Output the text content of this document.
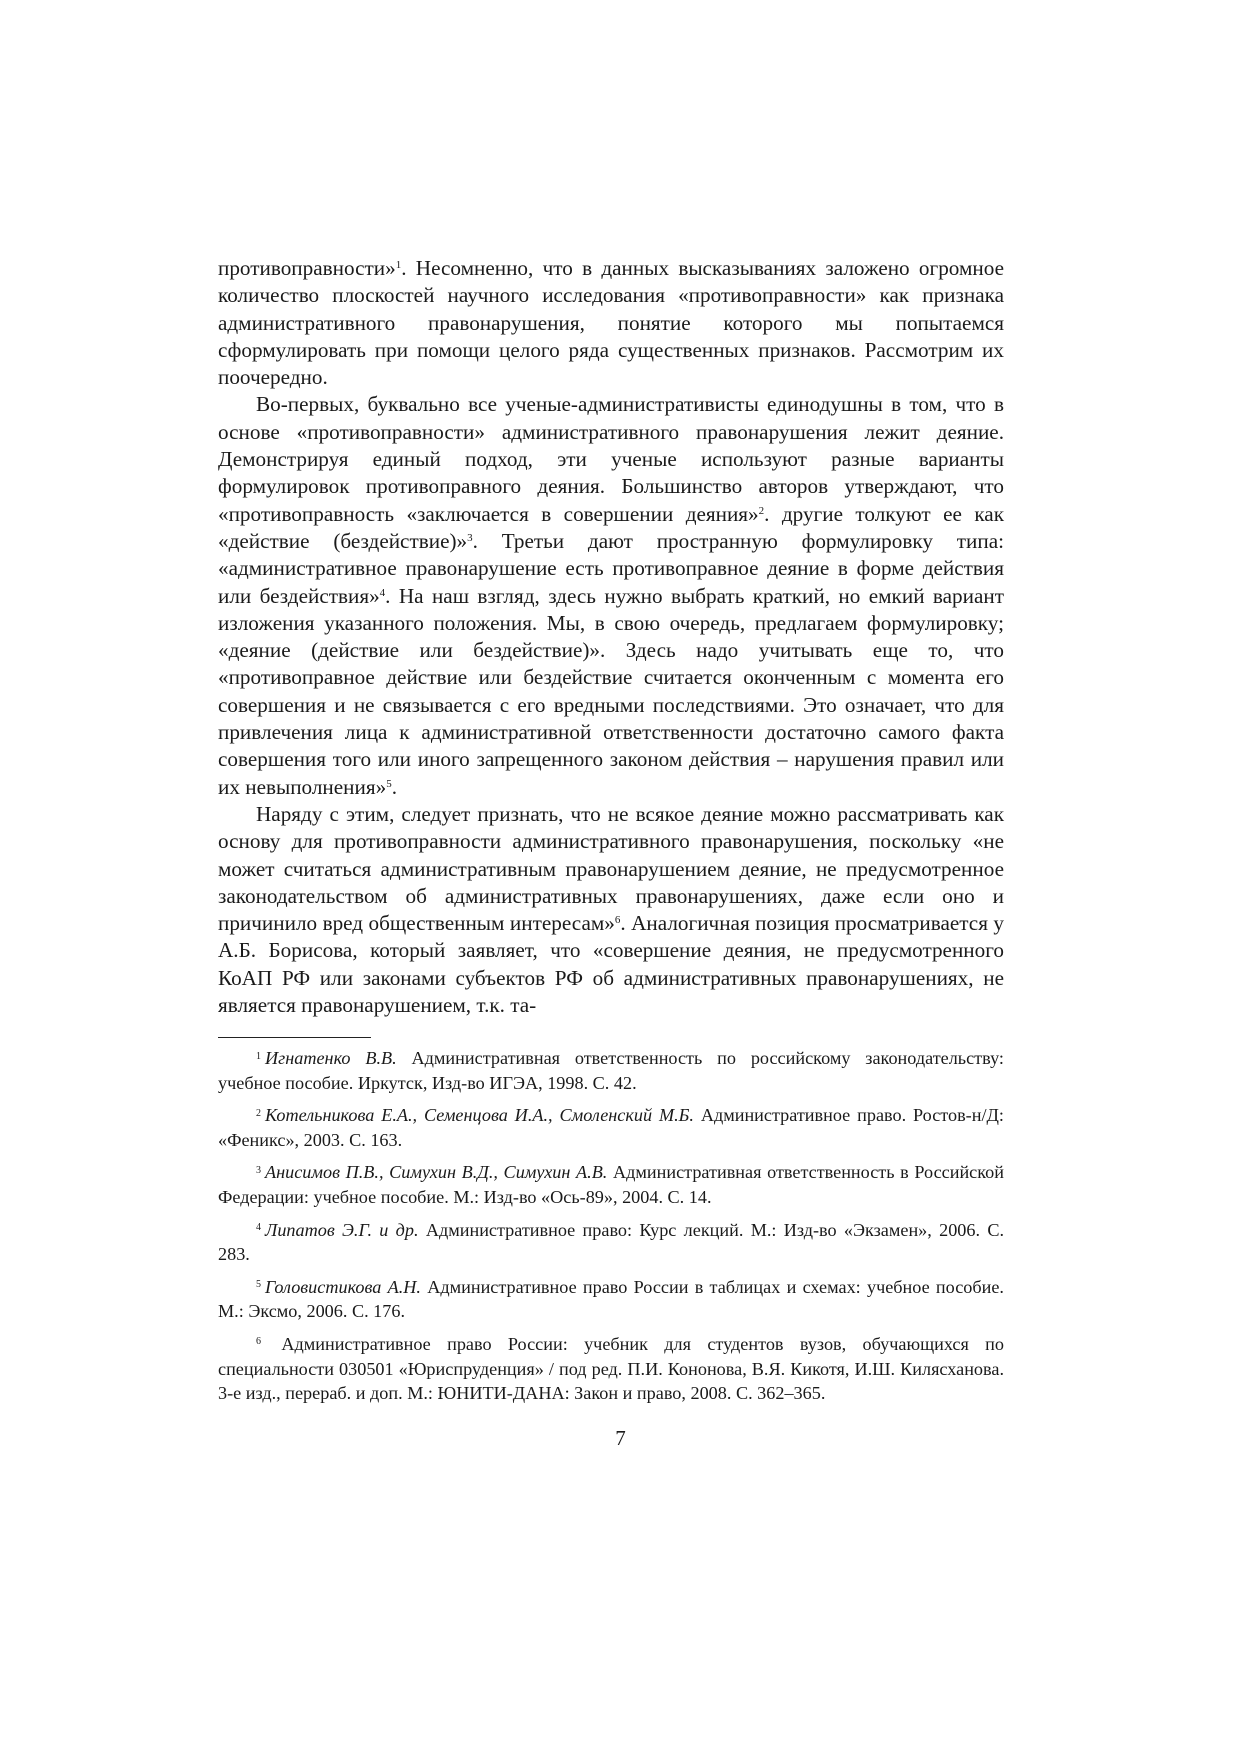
противоправности»$^1$. Несомненно, что в данных высказываниях заложено огромное количество плоскостей научного исследования «противоправности» как признака административного правонарушения, понятие которого мы попытаемся сформулировать при помощи целого ряда существенных признаков. Рассмотрим их поочередно.

Во-первых, буквально все ученые-административисты единодушны в том, что в основе «противоправности» административного правонарушения лежит деяние. Демонстрируя единый подход, эти ученые используют разные варианты формулировок противоправного деяния. Большинство авторов утверждают, что «противоправность «заключается в совершении деяния»$^2$. другие толкуют ее как «действие (бездействие)»$^3$. Третьи дают пространную формулировку типа: «административное правонарушение есть противоправное деяние в форме действия или бездействия»$^4$. На наш взгляд, здесь нужно выбрать краткий, но емкий вариант изложения указанного положения. Мы, в свою очередь, предлагаем формулировку; «деяние (действие или бездействие)». Здесь надо учитывать еще то, что «противоправное действие или бездействие считается оконченным с момента его совершения и не связывается с его вредными последствиями. Это означает, что для привлечения лица к административной ответственности достаточно самого факта совершения того или иного запрещенного законом действия – нарушения правил или их невыполнения»$^5$.

Наряду с этим, следует признать, что не всякое деяние можно рассматривать как основу для противоправности административного правонарушения, поскольку «не может считаться административным правонарушением деяние, не предусмотренное законодательством об административных правонарушениях, даже если оно и причинило вред общественным интересам»$^6$. Аналогичная позиция просматривается у А.Б. Борисова, который заявляет, что «совершение деяния, не предусмотренного КоАП РФ или законами субъектов РФ об административных правонарушениях, не является правонарушением, т.к. та-

$^1$ Игнатенко В.В. Административная ответственность по российскому законодательству: учебное пособие. Иркутск, Изд-во ИГЭА, 1998. С. 42.

$^2$ Котельникова Е.А., Семенцова И.А., Смоленский М.Б. Административное право. Ростов-н/Д: «Феникс», 2003. С. 163.

$^3$ Анисимов П.В., Симухин В.Д., Симухин А.В. Административная ответственность в Российской Федерации: учебное пособие. М.: Изд-во «Ось-89», 2004. С. 14.

$^4$ Липатов Э.Г. и др. Административное право: Курс лекций. М.: Изд-во «Экзамен», 2006. С. 283.

$^5$ Головистикова А.Н. Административное право России в таблицах и схемах: учебное пособие. М.: Эксмо, 2006. С. 176.

$^6$ Административное право России: учебник для студентов вузов, обучающихся по специальности 030501 «Юриспруденция» / под ред. П.И. Кононова, В.Я. Кикотя, И.Ш. Килясханова. 3-е изд., перераб. и доп. М.: ЮНИТИ-ДАНА: Закон и право, 2008. С. 362–365.

7
